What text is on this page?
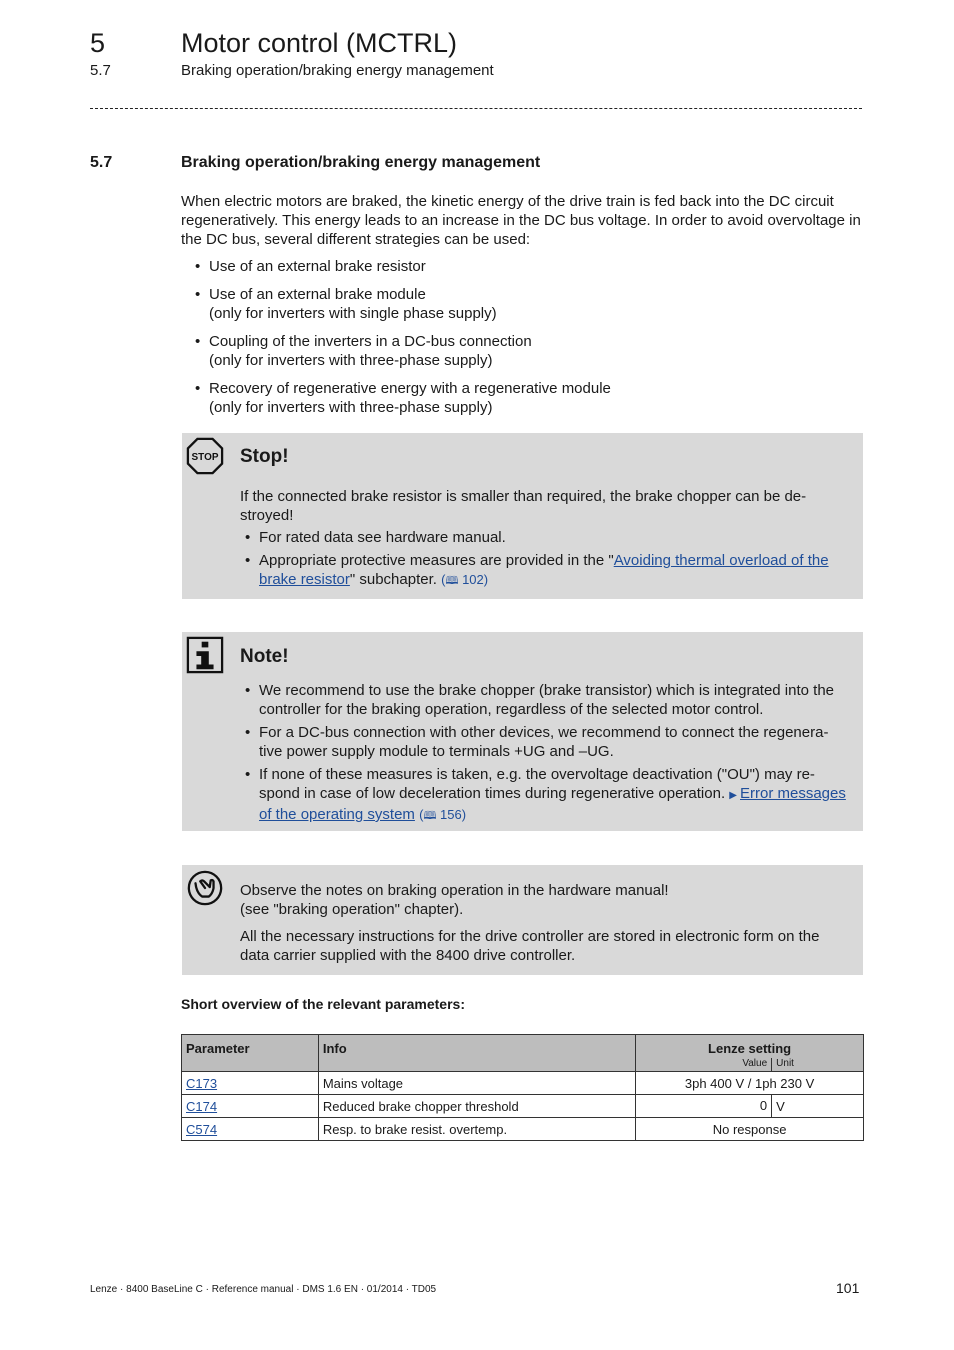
5	Motor control (MCTRL)
5.7	Braking operation/braking energy management
5.7	Braking operation/braking energy management

When electric motors are braked, the kinetic energy of the drive train is fed back into the DC circuit regeneratively. This energy leads to an increase in the DC bus voltage. In order to avoid overvoltage in the DC bus, several different strategies can be used:

• Use of an external brake resistor
• Use of an external brake module
(only for inverters with single phase supply)
• Coupling of the inverters in a DC-bus connection
(only for inverters with three-phase supply)
• Recovery of regenerative energy with a regenerative module
(only for inverters with three-phase supply)
STOP Stop!

If the connected brake resistor is smaller than required, the brake chopper can be de-stroyed!

• For rated data see hardware manual.
• Appropriate protective measures are provided in the "Avoiding thermal overload of the brake resistor" subchapter. (🕮 102)
Note!
• We recommend to use the brake chopper (brake transistor) which is integrated into the controller for the braking operation, regardless of the selected motor control.
• For a DC-bus connection with other devices, we recommend to connect the regenera-tive power supply module to terminals +UG and –UG.
• If none of these measures is taken, e.g. the overvoltage deactivation ("OU") may re-spond in case of low deceleration times during regenerative operation. ▶ Error messages of the operating system (🕮 156)

Observe the notes on braking operation in the hardware manual!

(see "braking operation" chapter).

All the necessary instructions for the drive controller are stored in electronic form on the data carrier supplied with the 8400 drive controller.

Short overview of the relevant parameters:
Parameter	Info	Lenze setting
Value Unit

C173	Mains voltage	3ph 400 V / 1ph 230 V
C174	Reduced brake chopper threshold	0 V

C574	Resp. to brake resist. overtemp.	No response
Lenze · 8400 BaseLine C · Reference manual · DMS 1.6 EN · 01/2014 · TD05	101
